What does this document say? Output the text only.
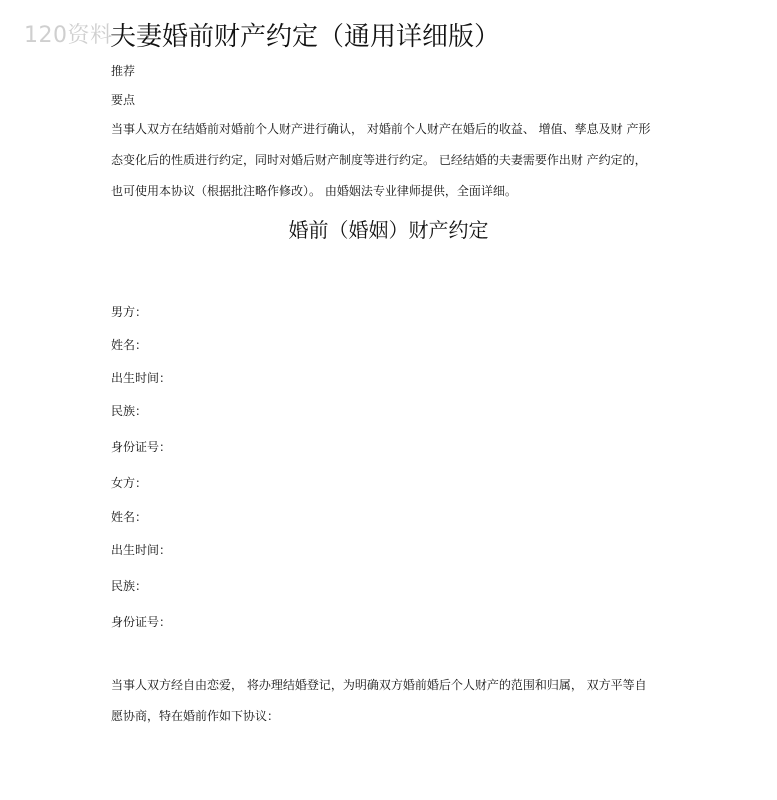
120资料
夫妻婚前财产约定（通用详细版）
推荐
要点
当事人双方在结婚前对婚前个人财产进行确认， 对婚前个人财产在婚后的收益、 增值、孳息及财 产形
态变化后的性质进行约定，同时对婚后财产制度等进行约定。 已经结婚的夫妻需要作出财 产约定的，
也可使用本协议（根据批注略作修改）。 由婚姻法专业律师提供，全面详细。
婚前（婚姻）财产约定
男方：
姓名：
出生时间：
民族：
身份证号：
女方：
姓名：
出生时间：
民族：
身份证号：
当事人双方经自由恋爱， 将办理结婚登记，为明确双方婚前婚后个人财产的范围和归属， 双方平等自
愿协商，特在婚前作如下协议：
